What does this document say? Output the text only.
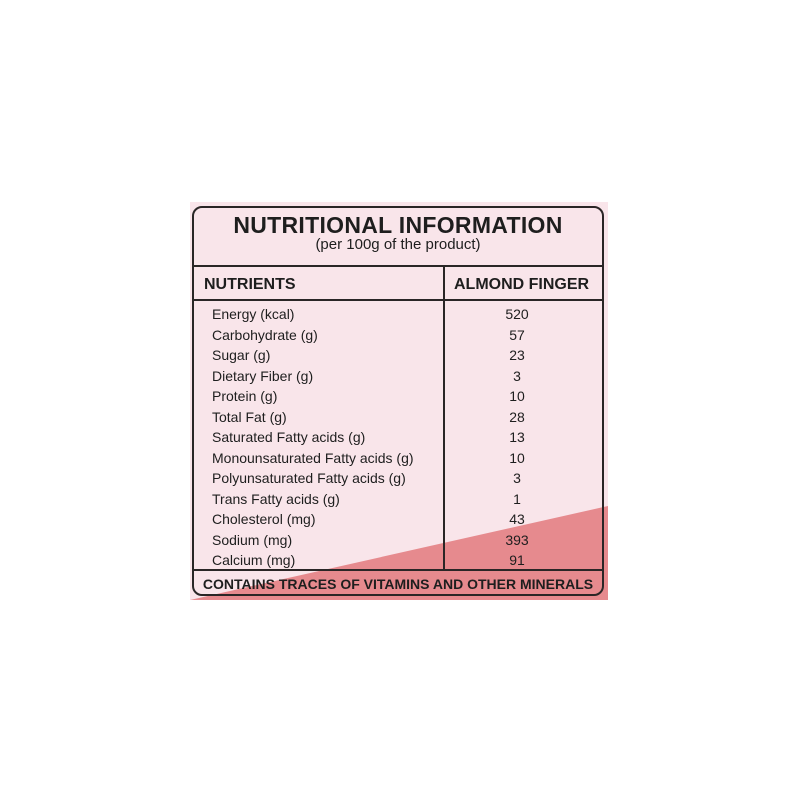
NUTRITIONAL INFORMATION
(per 100g of the product)
NUTRIENTS	ALMOND FINGER
Energy (kcal)	520
Carbohydrate (g)	57
Sugar (g)	23
Dietary Fiber (g)	3
Protein (g)	10
Total Fat (g)	28
Saturated Fatty acids (g)	13
Monounsaturated Fatty acids (g)	10
Polyunsaturated Fatty acids (g)	3
Trans Fatty acids (g)	1
Cholesterol (mg)	43
Sodium (mg)	393
Calcium (mg)	91
CONTAINS TRACES OF VITAMINS AND OTHER MINERALS
